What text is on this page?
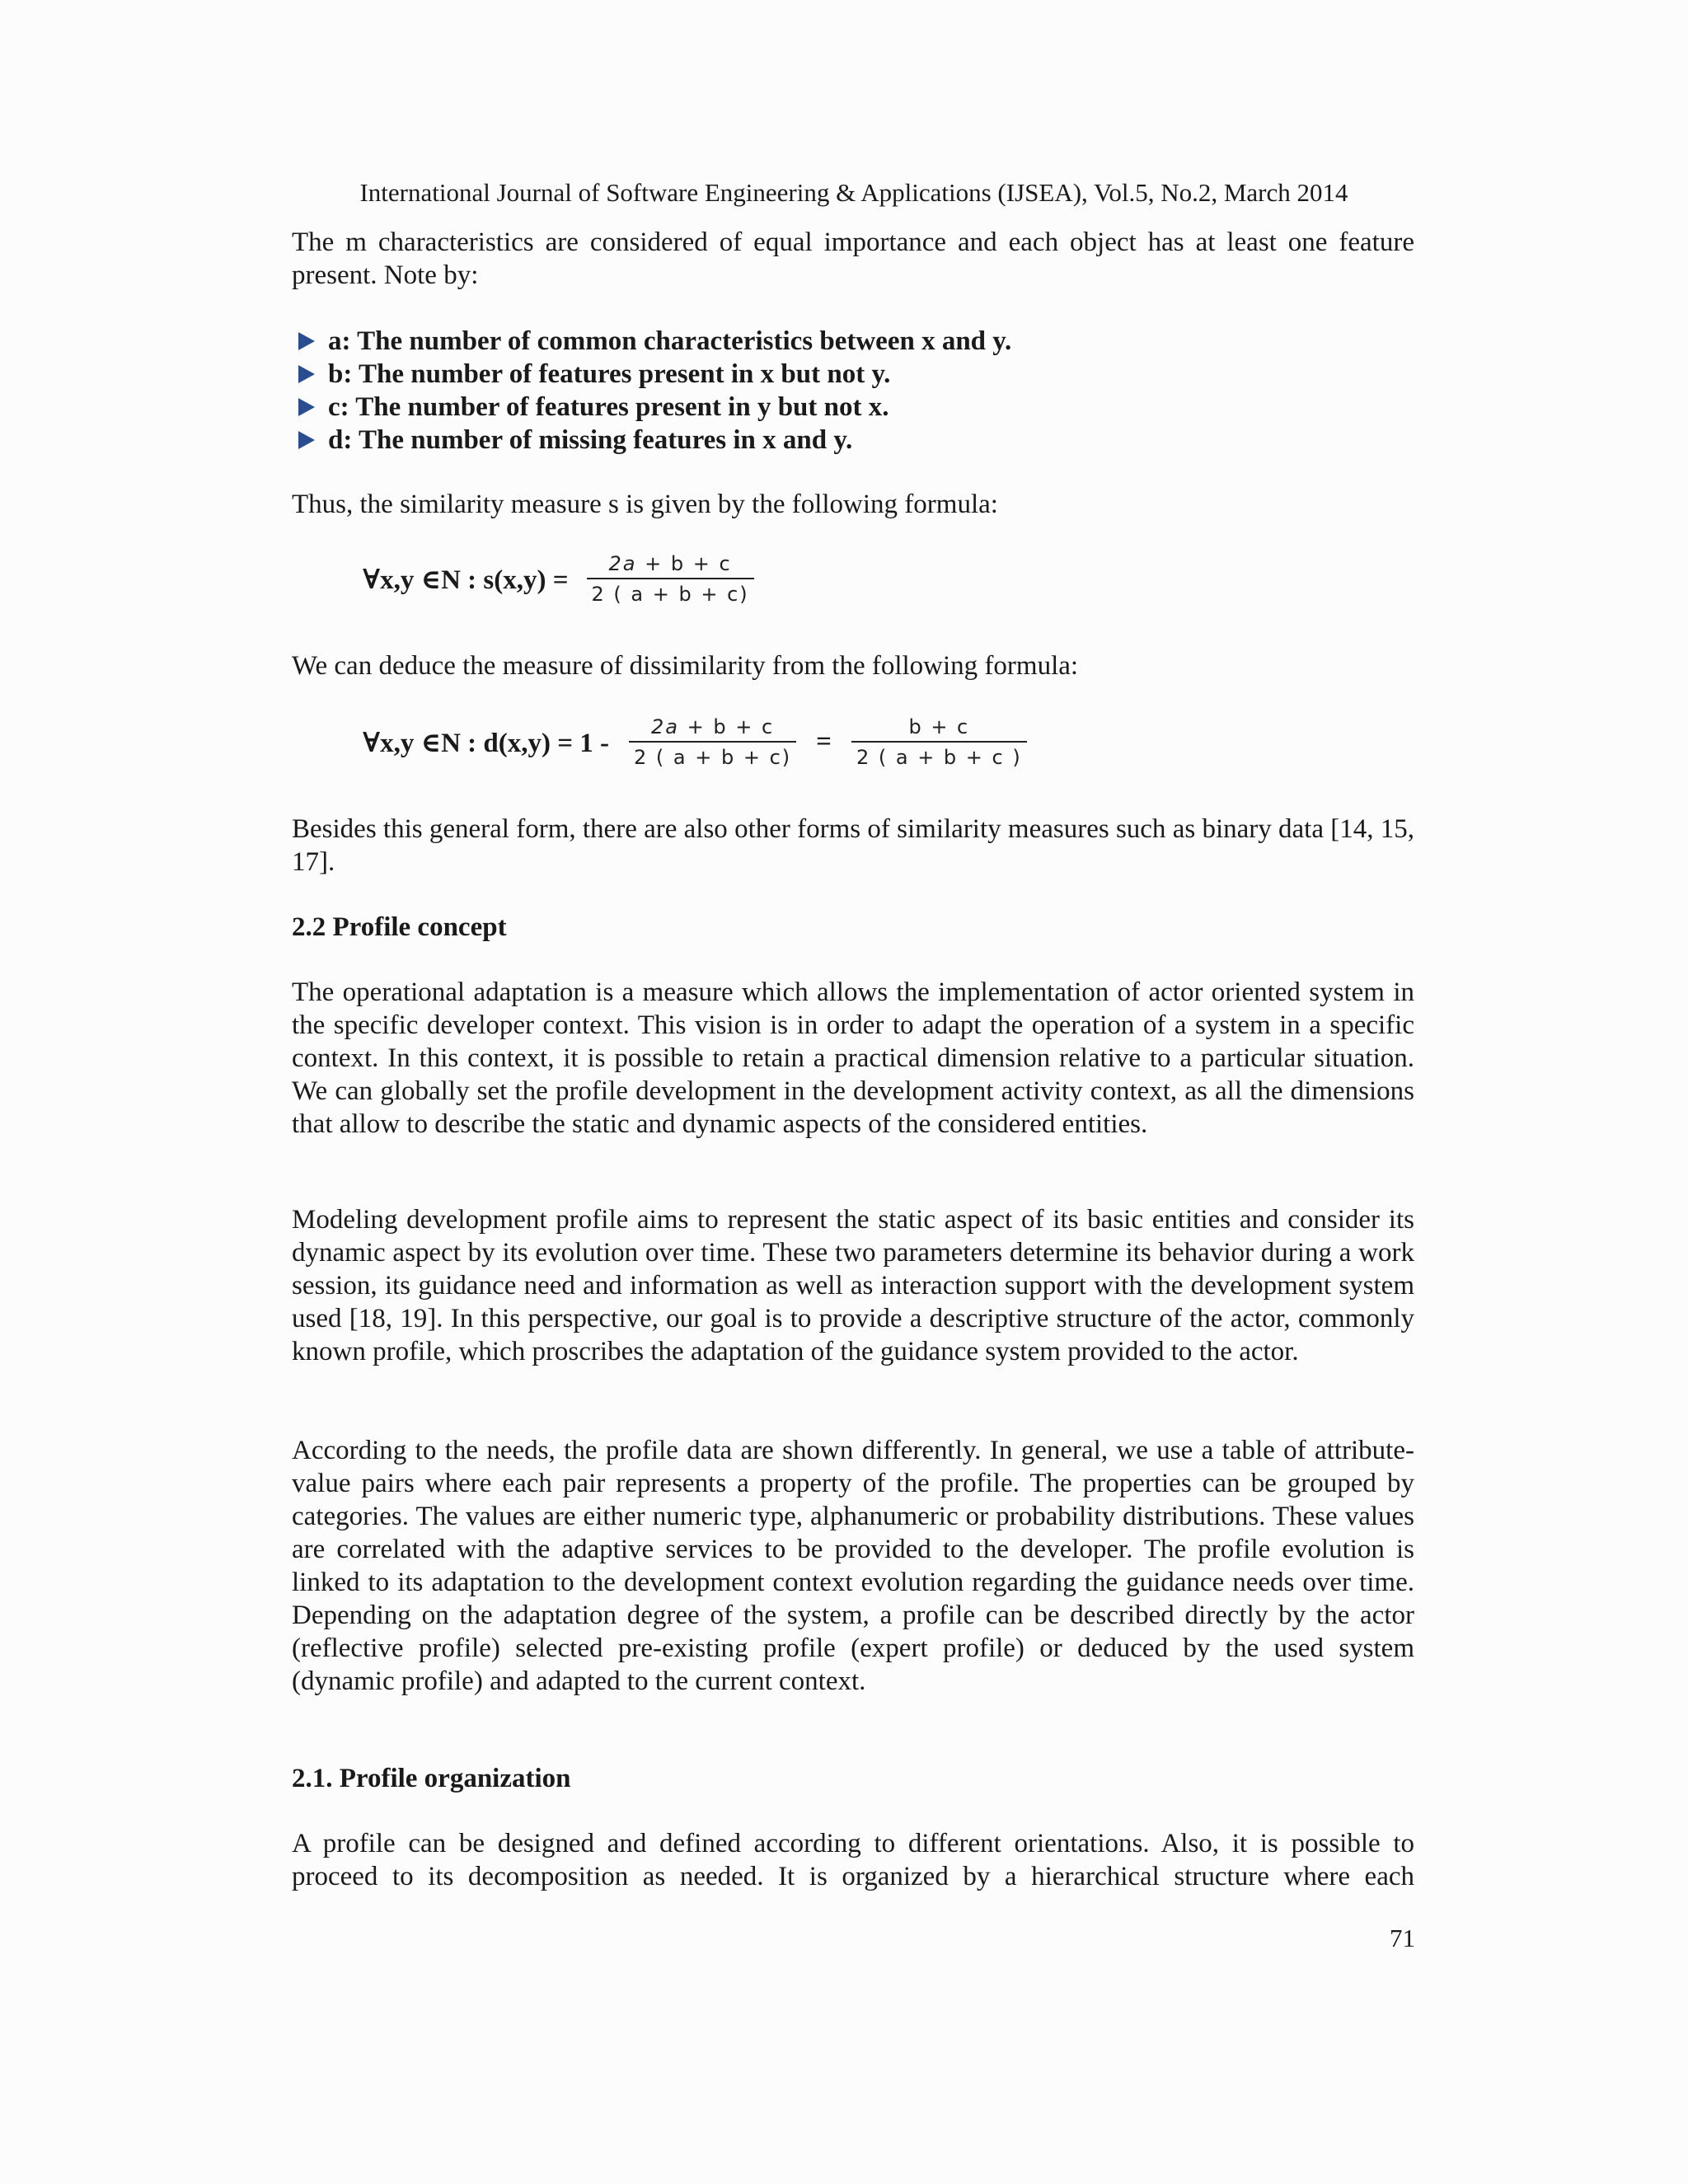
International Journal of Software Engineering & Applications (IJSEA), Vol.5, No.2, March 2014

The m characteristics are considered of equal importance and each object has at least one feature present. Note by:

a: The number of common characteristics between x and y.
b: The number of features present in x but not y.
c: The number of features present in y but not x.
d: The number of missing features in x and y.

Thus, the similarity measure s is given by the following formula:

∀x,y ∈N : $s(x,y) = \frac{2a + b + c}{2 ( a + b + c)}$

We can deduce the measure of dissimilarity from the following formula:

∀x,y ∈N : $d(x,y) = 1 - \frac{2a + b + c}{2 ( a + b + c)} = \frac{b + c}{2 ( a + b + c )}$

Besides this general form, there are also other forms of similarity measures such as binary data [14, 15, 17].

2.2 Profile concept

The operational adaptation is a measure which allows the implementation of actor oriented system in the specific developer context. This vision is in order to adapt the operation of a system in a specific context. In this context, it is possible to retain a practical dimension relative to a particular situation. We can globally set the profile development in the development activity context, as all the dimensions that allow to describe the static and dynamic aspects of the considered entities.

Modeling development profile aims to represent the static aspect of its basic entities and consider its dynamic aspect by its evolution over time. These two parameters determine its behavior during a work session, its guidance need and information as well as interaction support with the development system used [18, 19]. In this perspective, our goal is to provide a descriptive structure of the actor, commonly known profile, which proscribes the adaptation of the guidance system provided to the actor.

According to the needs, the profile data are shown differently. In general, we use a table of attribute-value pairs where each pair represents a property of the profile. The properties can be grouped by categories. The values are either numeric type, alphanumeric or probability distributions. These values are correlated with the adaptive services to be provided to the developer. The profile evolution is linked to its adaptation to the development context evolution regarding the guidance needs over time. Depending on the adaptation degree of the system, a profile can be described directly by the actor (reflective profile) selected pre-existing profile (expert profile) or deduced by the used system (dynamic profile) and adapted to the current context.

2.1. Profile organization

A profile can be designed and defined according to different orientations. Also, it is possible to proceed to its decomposition as needed. It is organized by a hierarchical structure where each

71
